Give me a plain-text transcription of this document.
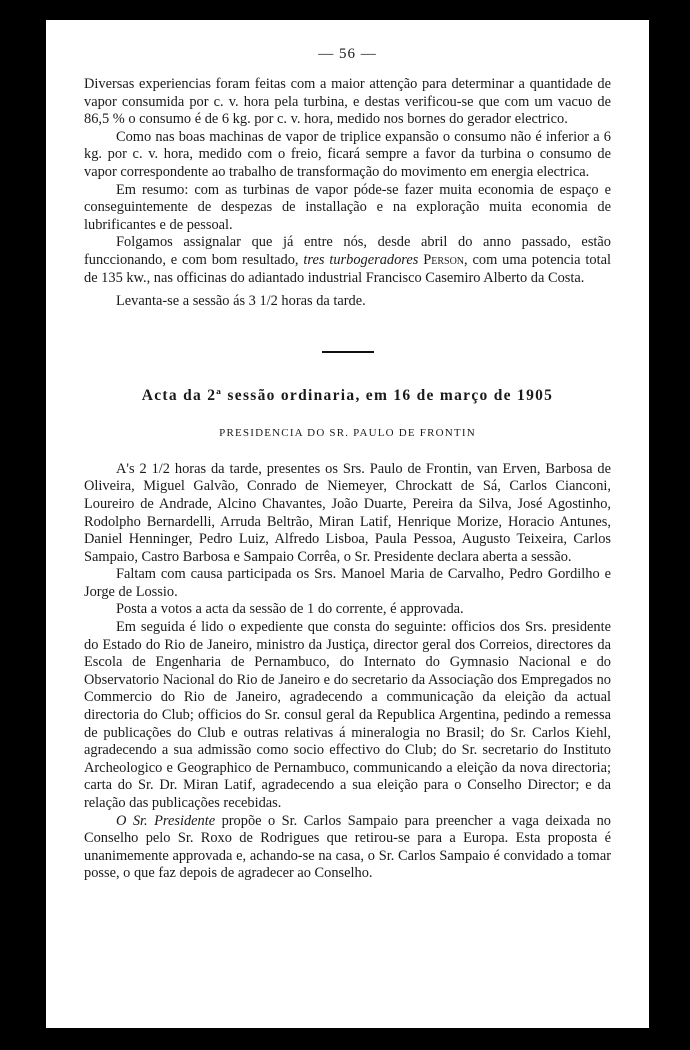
— 56 —

Diversas experiencias foram feitas com a maior attenção para determinar a quantidade de vapor consumida por c. v. hora pela turbina, e destas verificou-se que com um vacuo de 86,5 % o consumo é de 6 kg. por c. v. hora, medido nos bornes do gerador electrico.

Como nas boas machinas de vapor de triplice expansão o consumo não é inferior a 6 kg. por c. v. hora, medido com o freio, ficará sempre a favor da turbina o consumo de vapor correspondente ao trabalho de transformação do movimento em energia electrica.

Em resumo: com as turbinas de vapor póde-se fazer muita economia de espaço e conseguintemente de despezas de installação e na exploração muita economia de lubrificantes e de pessoal.

Folgamos assignalar que já entre nós, desde abril do anno passado, estão funccionando, e com bom resultado, tres turbogeradores Person, com uma potencia total de 135 kw., nas officinas do adiantado industrial Francisco Casemiro Alberto da Costa.

Levanta-se a sessão ás 3 1/2 horas da tarde.

Acta da 2ª sessão ordinaria, em 16 de março de 1905
PRESIDENCIA DO SR. PAULO DE FRONTIN

A's 2 1/2 horas da tarde, presentes os Srs. Paulo de Frontin, van Erven, Barbosa de Oliveira, Miguel Galvão, Conrado de Niemeyer, Chrockatt de Sá, Carlos Cianconi, Loureiro de Andrade, Alcino Chavantes, João Duarte, Pereira da Silva, José Agostinho, Rodolpho Bernardelli, Arruda Beltrão, Miran Latif, Henrique Morize, Horacio Antunes, Daniel Henninger, Pedro Luiz, Alfredo Lisboa, Paula Pessoa, Augusto Teixeira, Carlos Sampaio, Castro Barbosa e Sampaio Corrêa, o Sr. Presidente declara aberta a sessão.

Faltam com causa participada os Srs. Manoel Maria de Carvalho, Pedro Gordilho e Jorge de Lossio.

Posta a votos a acta da sessão de 1 do corrente, é approvada.

Em seguida é lido o expediente que consta do seguinte: officios dos Srs. presidente do Estado do Rio de Janeiro, ministro da Justiça, director geral dos Correios, directores da Escola de Engenharia de Pernambuco, do Internato do Gymnasio Nacional e do Observatorio Nacional do Rio de Janeiro e do secretario da Associação dos Empregados no Commercio do Rio de Janeiro, agradecendo a communicação da eleição da actual directoria do Club; officios do Sr. consul geral da Republica Argentina, pedindo a remessa de publicações do Club e outras relativas á mineralogia no Brasil; do Sr. Carlos Kiehl, agradecendo a sua admissão como socio effectivo do Club; do Sr. secretario do Instituto Archeologico e Geographico de Pernambuco, communicando a eleição da nova directoria; carta do Sr. Dr. Miran Latif, agradecendo a sua eleição para o Conselho Director; e da relação das publicações recebidas.

O Sr. Presidente propõe o Sr. Carlos Sampaio para preencher a vaga deixada no Conselho pelo Sr. Roxo de Rodrigues que retirou-se para a Europa. Esta proposta é unanimemente approvada e, achando-se na casa, o Sr. Carlos Sampaio é convidado a tomar posse, o que faz depois de agradecer ao Conselho.
